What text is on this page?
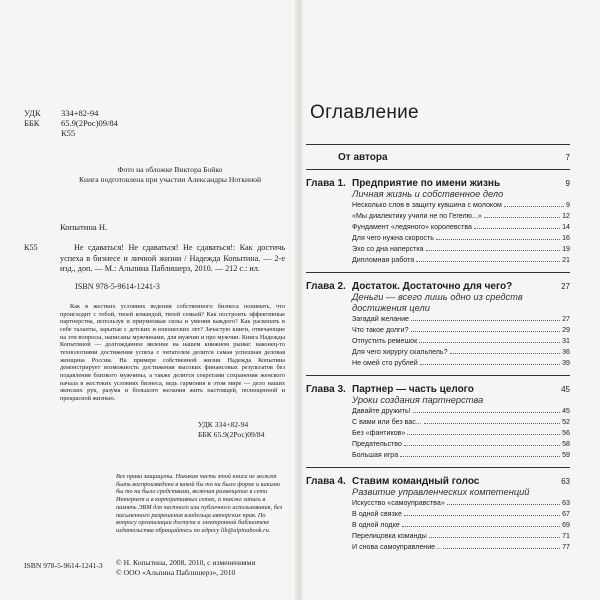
УДК	334+82-94
ББК	65.9(2Рос)09/84
К55
Фото на обложке Виктора Бойко
Книга подготовлена при участии Александры Ноткиной
Копытина Н.
К55	Не сдаваться! Не сдаваться! Не сдаваться!: Как достичь успеха в бизнесе и личной жизни / Надежда Копытина. — 2-е изд., доп. — М.: Альпина Паблишерз, 2010. — 212 с.: ил.
ISBN 978-5-9614-1241-3
Как в жестких условиях ведения собственного бизнеса понимать, что происходит с тобой, твоей командой, твоей семьей? Как построить эффективные партнерства, используя и приумножая силы и умения каждого? Как раскопать в себе таланты, зарытые с детских и юношеских лет? Зачастую книги, отвечающие на эти вопросы, написаны мужчинами, для мужчин и про мужчин. Книга Надежды Копытиной — долгожданное явление на нашем книжном рынке: наконец-то технологиями достижения успеха с читателем делится самая успешная деловая женщина России. На примере собственной жизни Надежда Копытина демонстрирует возможность достижения высоких финансовых результатов без подавления близкого мужчины, а также делится секретами сохранения женского начала в жестоких условиях бизнеса, ведь гармония в этом мире — дело наших женских рук, разума и большого желания жить настоящей, полноценной и прекрасной жизнью.
УДК 334+82-94
ББК 65.9(2Рос)09/84
Все права защищены. Никакая часть этой книги не может быть воспроизведена в какой бы то ни было форме и какими бы то ни было средствами, включая размещение в сети Интернет и в корпоративных сетях, а также запись в память ЭВМ для частного или публичного использования, без письменного разрешения владельца авторских прав. По вопросу организации доступа к электронной библиотеке издательства обращайтесь по адресу lib@alpinabook.ru.
ISBN 978-5-9614-1241-3 © Н. Копытина, 2008, 2010, с изменениями
© ООО «Альпина Паблишерз», 2010
Оглавление
От автора	7
Глава 1. Предприятие по имени жизнь	9
Личная жизнь и собственное дело
Несколько слов в защиту кувшина с молоком	9
«Мы диалектику учили не по Гегелю...»	12
Фундамент «ледяного» королевства	14
Для чего нужна скорость	16
Эхо со дна наперстка	19
Дипломная работа	21
Глава 2. Достаток. Достаточно для чего?	27
Деньги — всего лишь одно из средств
достижения цели
Загадай желание	27
Что такое долги?	29
Отпустить ремешок	31
Для чего хирургу скальпель?	36
Не омей сто рублей	39
Глава 3. Партнер — часть целого	45
Уроки создания партнерства
Давайте дружить!	45
С вами или без вас...	52
Без «фантиков»	56
Предательство	58
Большая игра	59
Глава 4. Ставим командный голос	63
Развитие управленческих компетенций
Искусство «самоуправства»	63
В одной связке	67
В одной лодке	69
Перелицовка команды	71
И снова самоуправление...	77
